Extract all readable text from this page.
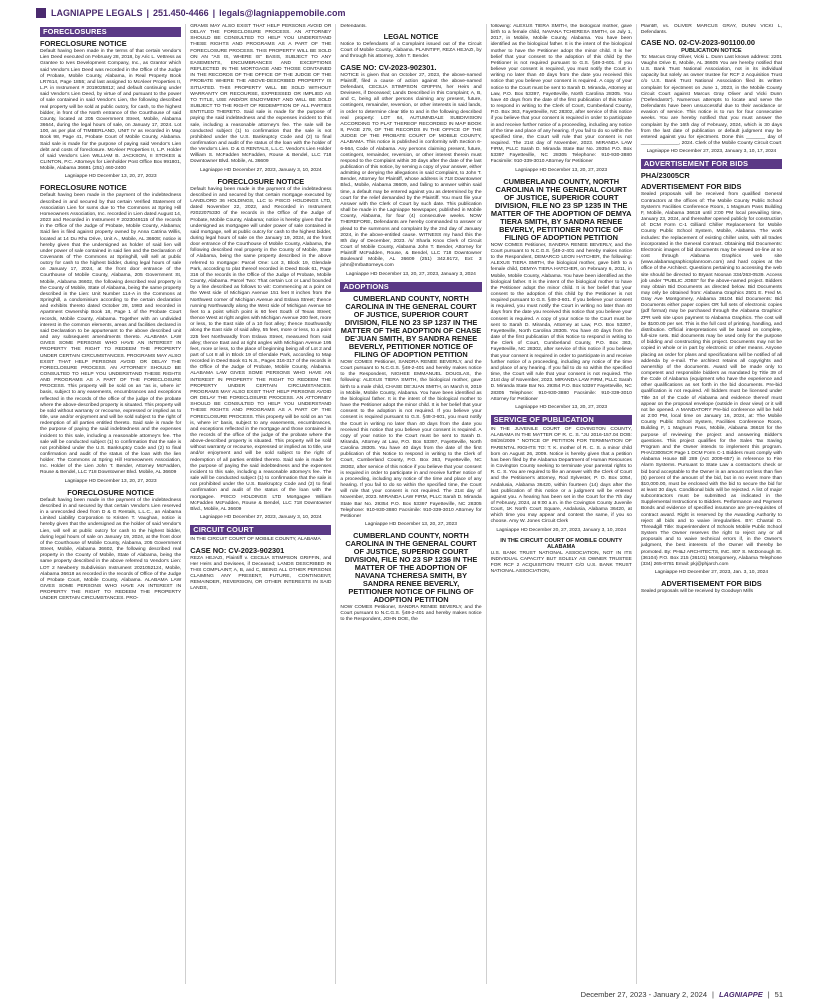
LAGNIAPPE LEGALS | 251.450-4466 | legals@lagniappemobile.com
FORECLOSURES
FORECLOSURE NOTICE

Default having been made in the terms of that certain Vendor's Lien Deed executed on February 28, 2018, by Aric L. Vettress as Grantee to Ives Development Company, Inc., as Grantor which said Vendor's Lien Deed was recorded in the Office of the Judge of Probate, Mobile County, Alabama, in Real Property Book LR7614, Page 1855; and last assigned to McAleer Properties II, L.P. in Instrument # 2019025812; and default continuing under said Vendor's Lien Deed, by virtue of and pursuant to the power of sale contained in said Vendor's Lien, the following described real property will be sold at public outcry, for cash, to the highest bidder, in front of the North entrance of the Courthouse of said County, located at 205 Government Street, Mobile, Alabama 36644, during the legal hours of sale, on January 17, 2024. Lot 100, as per plat of TIMBERLAND, UNIT IV as recorded in Map Book 98, Page 41, Probate Court of Mobile County, Alabama. Said sale is made for the purpose of paying said Vendor's Lien debt and costs of foreclosure. McAleer Properties II, L.P. Holder of said Vendor's Lien WILLIAM B. JACKSON, II STOKES & CLINTON, P.C. Attorneys for Lienholder Post Office Box 991801, Mobile, Alabama 36691 (251) 460-2400

Lagniappe HD December 13, 20, 27, 2023
FORECLOSURE NOTICE

Default having been made in the payment of the indebtedness described in and secured by that certain Verified Statement of Association Lien for sums due to The Commons at Spring Hill Homeowners Association, Inc. recorded in Lien dated August 14, 2023 and Recorded in Instrument # 2023049115 of the records in the Office of the Judge of Probate, Mobile County, Alabama; Said lien is filed against property owned by Anna Catrina Willis, located at 14 Du Rhu Drive, Unit A., Mobile, AL 36608; notice is hereby given that the undersigned as holder of said lien will under power of sale contained in said lien and the Declaration of Covenants of The Commons at Springhill, will sell at public outcry for cash to the highest bidder, during legal hours of sale on January 17, 2024, at the front door entrance of the Courthouse of Mobile County, Alabama, 205 Government St, Mobile, Alabama 36602, the following described real property in the County of Mobile, State of Alabama, being the same property described in the Lien: Unit Number 114-A in the Commons at Springhill, a condominium according to the certain declaration and exhibits thereto dated October 28, 1983 and recorded in Apartment Ownership Book 18, Page 1 of the Probate Court records, Mobile County, Alabama. Together with an undivided interest in the common elements, areas and facilities declared in said Declaration to be appurtenant to the above described unit and any subsequent amendments thereto. ALABAMA LAW GIVES SOME PERSONS WHO HAVE AN INTEREST IN PROPERTY THE RIGHT TO REDEEM THE PROPERTY UNDER CERTAIN CIRCUMSTANCES. PROGRAMS MAY ALSO EXIST THAT HELP PERSONS AVOID OR DELAY THE FORECLOSURE PROCESS. AN ATTORNEY SHOULD BE CONSULTED TO HELP YOU UNDERSTAND THESE RIGHTS AND PROGRAMS AS A PART OF THE FORECLOSURE PROCESS. This property will be sold on an "as is, where is" basis, subject to any easements, encumbrances and exceptions reflected in the records of the office of the judge of the probate where the above-described property is situated. This property will be sold without warranty or recourse, expressed or implied as to title, use and/or enjoyment and will be sold subject to the right of redemption of all parties entitled thereto. Said sale is made for the purpose of paying the said indebtedness and the expenses incident to this sale, including a reasonable attorney's fee. The sale will be conducted subject (1) to confirmation that the sale is not prohibited under the U.S. Bankruptcy Code and (2) to final confirmation and audit of the status of the loan with the lien holder. The Commons at Spring Hill Homeowners Association, Inc. Holder of the Lien John T. Bender, Attorney McFadden, Rouse & Bendel, LLC 718 Downtowner Blvd. Mobile, AL 36609

Lagniappe HD December 13, 20, 27, 2023
FORECLOSURE NOTICE

Default having been made in the payment of the indebtedness described in and secured by that certain Vendor's Lien reserved in a unrecorded deed from D & G Rentals, L.L.C., an Alabama Limited Liability Corporation to Kristen T. Vaughan, notice is hereby given that the undersigned as the holder of said Vendor's Lien, will sell at public outcry for cash to the highest bidder, during legal hours of sale on January 19, 2024, at the front door of the Courthouse of Mobile County, Alabama, 205 Government Street, Mobile, Alabama 36602, the following described real property in the County of Mobile, State of Alabama, being the same property described in the above referred to Vendor's Lien: LOT 2 Newberry Subdivision Instrument 2021052124, Mobile, Alabama 36618 as recorded in the records of Office of the Judge of Probate Court, Mobile County, Alabama. ALABAMA LAW GIVES SOME PERSONS WHO HAVE AN INTEREST IN PROPERTY THE RIGHT TO REDEEM THE PROPERTY UNDER CERTAIN CIRCUMSTANCES. PRO-

GRAMS MAY ALSO EXIST THAT HELP PERSONS AVOID OR DELAY THE FORECLOSURE PROCESS. AN ATTORNEY SHOULD BE CONSULTED TO HELP YOU UNDERSTAND THESE RIGHTS AND PROGRAMS AS A PART OF THE FORECLOSURE PROCESS. THIS PROPERTY WILL BE SOLD ON AN "AS IS, WHERE IS" BASIS, SUBJECT TO ANY EASEMENTS, ENCUMBRANCES AND EXCEPTIONS REFLECTED IN THE MORTGAGE AND THOSE CONTAINED IN THE RECORDS OF THE OFFICE OF THE JUDGE OF THE PROBATE WHERE THE ABOVE-DESCRIBED PROPERTY IS SITUATED. THIS PROPERTY WILL BE SOLD WITHOUT WARRANTY OR RECOURSE, EXPRESSED OR IMPLIED AS TO TITLE, USE AND/OR ENJOYMENT AND WILL BE SOLD SUBJECT TO THE RIGHT OF REDEMPTION OF ALL PARTIES ENTITLED THERETO. Said sale is made for the purpose of paying the said indebtedness and the expenses incident to this sale, including a reasonable attorney's fee. The sale will be conducted subject (1) to confirmation that the sale is not prohibited under the U.S. Bankruptcy Code and (2) to final confirmation and audit of the status of the loan with the holder of the Vendor's Lien. D & G RENTALS, L.L.C. Vendor's Lien Holder William S. McFadden McFadden, Rouse & Bendel, LLC 718 Downtowner Blvd. Mobile, AL 36609

Lagniappe HD December 27, 2023, January 3, 10, 2024
FORECLOSURE NOTICE

Default having been made in the payment of the indebtedness described in and secured by that certain mortgage executed by LANDLORD 36 HOLDINGS, LLC to PISCO HOLDINGS LTD, dated November 22, 2022, and Recorded in Instrument #2022075330 of the records in the Office of the Judge of Probate, Mobile County, Alabama; notice is hereby given that the undersigned as mortgagee will under power of sale contained in said mortgage, sell at public outcry for cash to the highest bidder, during legal hours of sale on the January 19, 2024, at the front door entrance of the Courthouse of Mobile County, Alabama, the following described real property in the County of Mobile, State of Alabama, being the same property described in the above referred to mortgage: Parcel One: Lot 3, Block 19, Glendale Park, according to plat thereof recorded in Deed Book 61, Page 316 of the records in the Office of the Judge of Probate, Mobile County, Alabama. Parcel Two: That certain Lot or Land bounded by a line described as follows to wit: Commencing at a point on the West side of Michigan Avenue 151 feet 8 inches from the Northwest corner of Michigan Avenue and Eslava Street; thence running Northwardly along the West side of Michigan Avenue 50 feet to a point which point is 60 feet South of Texas Street; thence West at right angles with Michigan Avenue 200 feet, more or less, to the East side of a 10 foot alley; thence Southwardly along the East side of said alley, 55 feet, more or less, to a point 225 feet Northwardly from Eslava Street, measured from said alley; thence East and at right angles with Michigan Avenue 195 feet, more or less, to the place of beginning being all of Lot 2 and part of Lot 8 all in Block 19 of Glendale Park, according to Map recorded in Deed Book 61 N.S., Pages 316-317 of the records in the Office of the Judge of Probate, Mobile County, Alabama. ALABAMA LAW GIVES SOME PERSONS WHO HAVE AN INTEREST IN PROPERTY THE RIGHT TO REDEEM THE PROPERTY UNDER CERTAIN CIRCUMSTANCES. PROGRAMS MAY ALSO EXIST THAT HELP PERSONS AVOID OR DELAY THE FORECLOSURE PROCESS. AN ATTORNEY SHOULD BE CONSULTED TO HELP YOU UNDERSTAND THESE RIGHTS AND PROGRAMS AS A PART OF THE FORECLOSURE PROCESS. This property will be sold on an "as is, where is" basis, subject to any easements, encumbrances, and exceptions reflected in the mortgage and those contained in the records of the office of the judge of the probate where the above-described property is situated. This property will be sold without warranty or recourse, expressed or implied as to title, use and/or enjoyment and will be sold subject to the right of redemption of all parties entitled thereto. Said sale is made for the purpose of paying the said indebtedness and the expenses incident to this sale, including a reasonable attorney's fee. The sale will be conducted subject (1) to confirmation that the sale is not prohibited under the U.S. Bankruptcy Code and (2) to final confirmation and audit of the status of the loan with the mortgagee. PISCO HOLDINGS LTD Mortgagee William McFadden McFadden, Rouse & Bendel, LLC 718 Downtowner Blvd., Mobile, AL 36609

Lagniappe HD December 27, 2023, January 3, 10, 2024
CIRCUIT COURT

IN THE CIRCUIT COURT OF MOBILE COUNTY, ALABAMA

CASE NO: CV-2023-902301

REZA HEJAZI, Plaintiff v. CECILIA STIMPSON GRIFFIN, and Her Heirs and Devisees, if Deceased; LANDS DESCRIBED IN THIS COMPLAINT; A, B, and C, BEING ALL OTHER PERSONS CLAIMING ANY PRESENT, FUTURE, CONTINGENT, REMAINDER, REVERSION, OR OTHER INTERESTS IN SAID LANDS,

Defendants.

LEGAL NOTICE

Notice to Defendants of a Complaint issued out of the Circuit Court of Mobile County, Alabama. PLAINTIFF, REZA HEJAZI, by and through his attorney, John T. Bender.

CASE NO: CV-2023-902301.

NOTICE is given that on October 27, 2023, the above-named Plaintiff, filed a cause of action against the above-named Defendant, CECILIA STIMPSON GRIFFIN, her Heirs and Devisees, if Deceased; Lands Described in this Complaint; A, B, and C, being all other persons claiming any present, future, contingent, remainder, reversion, or other interests in said lands, in order to determine clear title to and in the following described real property: LOT 64, AUTUMNDALE SUBDIVISION ACCORDING TO PLAT THEREOF RECORDED IN MAP BOOK 8, PAGE 279, OF THE RECORDS IN THE OFFICE OF THE JUDGE OF THE PROBATE COURT OF MOBILE COUNTY, ALABAMA. This notice is published in conformity with Section 6-6-564, Code of Alabama. Any persons claiming present, future, contingent, remainder, reversion, or other interest therein must respond to the Complaint within 30 days after the date of the last publication of this notice, by serving a copy of your answer, either admitting or denying the allegations in said Complaint, to John T. Bender, Attorney for Plaintiff, whose address is 718 Downtowner Blvd., Mobile, Alabama 36609, and failing to answer within said time, a default may be entered against you as determined by the court for the relief demanded by the Plaintiff. You must file your Answer with the Clerk of Court by such date. This publication shall be made in the Lagniappe Newspaper, published in Mobile County, Alabama, for four (4) consecutive weeks. NOW THEREFORE, Defendants are hereby commanded to answer or plead to the summons and complaint by the 2nd day of January 2024, in the above-entitled cause. WITNESS my hand this the 8th day of December, 2023. /s/ Sharla Knox Clerk of Circuit Court of Mobile County, Alabama John T. Bender, Attorney for Plaintiff McFadden, Rouse, & Bendel, LLC 718 Downtowner Boulevard Mobile, AL 36609 (251) 342.9172, Ext: 3 john@mrbattorneys.com

Lagniappe HD December 13, 20, 27, 2023, January 3, 2024
ADOPTIONS
CUMBERLAND COUNTY, NORTH CAROLINA IN THE GENERAL COURT OF JUSTICE, SUPERIOR COURT DIVISION, FILE NO 23 SP 1237 IN THE MATTER OF THE ADOPTION OF CHASE DE'JUAN SMITH, BY SANDRA RENEE BEVERLY, PETITIONER NOTICE OF FILING OF ADOPTION PETITION

NOW COMES Petitioner, SANDRA RENEE BEVERLY, and the Court pursuant to N.C.G.S. §48-2-401 and hereby makes notice to the Respondent, NIGHEE EMMANUEL DOUGLAS, the following: ALEXUS TIERA SMITH, the biological mother, gave birth to a male child, CHASE DE'JUAN SMITH, on March 8, 2019 in Mobile, Mobile County, Alabama. You have been identified as the biological father. It is the intent of the biological mother to have the Petitioner adopt the minor child. It is her belief that your consent to the adoption is not required. If you believe your consent is required pursuant to G.S. §48-3-601, you must notify the Court in writing no later than 40 days from the date you received this notice that you believe your consent is required. A copy of your notice to the Court must be sent to Sarah D. Miranda, Attorney at Law, P.O. Box 53397, Fayetteville, North Carolina 28305. You have 40 days from the date of the first publication of this Notice to respond in writing to the Clerk of Court, Cumberland County, P.O. Box 363, Fayetteville, NC 28302, after service of this notice if you believe that your consent is required in order to participate in and receive further notice of a proceeding, including any notice of the time and place of any hearing. If you fail to do so within the specified time, the Court will rule that your consent is not required. The 21st day of November, 2023. MIRANDA LAW FIRM, PLLC Sarah D. Miranda State Bar No. 29354 P.O. Box 53397 Fayetteville, NC 28305 Telephone: 910-930-3880 Facsimile: 910-339-3010 Attorney for Petitioner

Lagniappe HD December 13, 20, 27, 2023
CUMBERLAND COUNTY, NORTH CAROLINA IN THE GENERAL COURT OF JUSTICE, SUPERIOR COURT DIVISION, FILE NO 23 SP 1236 IN THE MATTER OF THE ADOPTION OF NAVANA TCHERESA SMITH, BY SANDRA RENEE BEVERLY, PETITIONER NOTICE OF FILING OF ADOPTION PETITION

NOW COMES Petitioner, SANDRA RENEE BEVERLY, and the Court pursuant to N.C.G.S. §48-2-401 and hereby makes notice to the Respondent, JOHN DOE, the

following: ALEXUS TIERA SMITH, the biological mother, gave birth to a female child, NAVANA TCHERESA SMITH, on July 1, 2017, in Mobile, Mobile County, Alabama. You have been identified as the biological father. It is the intent of the biological mother to have the Petitioner adopt the minor child. It is her belief that your consent to the adoption of this child by the Petitioner is not required pursuant to G.S. §48-3-601. If you believe your consent is required, you must notify the Court in writing no later than 40 days from the date you received this notice that you believe your consent is required. A copy of your notice to the Court must be sent to Sarah D. Miranda, Attorney at Law, P.O. Box 53397, Fayetteville, North Carolina 28305. You have 40 days from the date of the first publication of this Notice to respond in writing to the Clerk of Court, Cumberland County, P.O. Box 363, Fayetteville, NC 28302, after service of this notice if you believe that your consent is required in order to participate in and receive further notice of a proceeding, including any notice of the time and place of any hearing. If you fail to do so within the specified time, the Court will rule that your consent is not required. The 21st day of November, 2023. MIRANDA LAW FIRM, PLLC Sarah D. Miranda State Bar No. 29354 P.O. Box 53397 Fayetteville, NC 28305 Telephone: 910-930-3880 Facsimile: 910-339-3010 Attorney for Petitioner

Lagniappe HD December 13, 20, 27, 2023
CUMBERLAND COUNTY, NORTH CAROLINA IN THE GENERAL COURT OF JUSTICE, SUPERIOR COURT DIVISION, FILE NO 23 SP 1235 IN THE MATTER OF THE ADOPTION OF DEMYA TIERA SMITH, BY SANDRA RENEE BEVERLY, PETITIONER NOTICE OF FILING OF ADOPTION PETITION

NOW COMES Petitioner, SANDRA RENEE BEVERLY, and the Court pursuant to N.C.G.S. §48-2-401 and hereby makes notice to the Respondent, DEMARCO LEON HATCHER, the following: ALEXUS TIERA SMITH, the biological mother, gave birth to a female child, DEMYA TIERA HATCHER, on February 6, 2011, in Mobile, Mobile County, Alabama. You have been identified as the biological father. It is the intent of the biological mother to have the Petitioner adopt the minor child. It is her belief that your consent to the adoption of this child by the Petitioner is not required pursuant to G.S. §48-3-601. If you believe your consent is required, you must notify the Court in writing no later than 40 days from the date you received this notice that you believe your consent is required. A copy of your notice to the Court must be sent to Sarah D. Miranda, Attorney at Law, P.O. Box 53397, Fayetteville, North Carolina 28305. You have 40 days from the date of the first publication of this Notice to respond in writing to the Clerk of Court, Cumberland County, P.O. Box 363, Fayetteville, NC 28302, after service of this notice if you believe that your consent is required in order to participate in and receive further notice of a proceeding, including any notice of the time and place of any hearing. If you fail to do so within the specified time, the Court will rule that your consent is not required. The 21st day of November, 2023. MIRANDA LAW FIRM, PLLC Sarah D. Miranda State Bar No. 29354 P.O. Box 53397 Fayetteville, NC 28305 Telephone: 910-930-3880 Facsimile: 910-339-3010 Attorney for Petitioner

Lagniappe HD December 13, 20, 27, 2023
SERVICE OF PUBLICATION

IN THE JUVENILE COURT OF COVINGTON COUNTY, ALABAMA IN THE MATTER OF R. C. S. "JU 2016-157.04 DOB: 08/26/2009 " NOTICE OF PETITION FOR TERMINATION OF PARENTAL RIGHTS TO: T. K. mother of R. C. S. a minor child born on August 26, 2009. Notice is hereby given that a petition has been filed by the Alabama Department of Human Resources in Covington County seeking to terminate your parental rights to R. C. S. You are required to file an answer with the Clerk of Court and the Petitioner's attorney, Rod Sylvester, P. O. Box 1054, Andalusia, Alabama 36420, within fourteen (14) days after the last publication of this notice or a judgment will be entered against you. A hearing has been set in the Court for the 7th day of February, 2024, at 9:00 a.m. in the Covington County Juvenile Court, 1K North Court Square, Andalusia, Alabama 36420, at which time you may appear and contest the same, if you so choose. Amy W. Jones Circuit Clerk

Lagniappe HD December 20, 27, 2023, January 3, 10, 2024
IN THE CIRCUIT COURT OF MOBILE COUNTY ALABAMA

U.S. BANK TRUST NATIONAL ASSOCIATION, NOT IN ITS INDIVIDUAL CAPACITY BUT SOLELY AS OWNER TRUSTEE FOR RCF 2 ACQUISITION TRUST C/O U.S. BANK TRUST NATIONAL ASSOCIATION,

Plaintiff, vs. OLIVER MARCUS GRAY, DUNN VICKI L, Defendants.

CASE NO. 02-CV-2023-901100.00
PUBLICATION NOTICE

To: Marcus Gray Oliver, Vicki L. Dunn Last known address: 2201 Vaughn Drive E, Mobile, AL 36605 You are hereby notified that U.S. Bank Trust National Association, not in its individual capacity but solely as owner trustee for RCF 2 Acquisition Trust c/o U.S. Bank Trust National Association filed its written complaint for ejectment on June 1, 2023, in the Mobile County Circuit Court against Marcus Gray Oliver and Vicki Dunn ("Defendants"). Numerous attempts to locate and serve the Defendants have been unsuccessful due to their avoidance or evasion of service. This notice is to run for four consecutive weeks. You are hereby notified that you must answer the complaint by the 16th day of February, 2024, which is 30 days from the last date of publication or default judgment may be entered against you for ejectment. Done this _______ day of ______________, 2024. Clerk of the Mobile County Circuit Court

Lagniappe HD December 27, 2023, January 3, 10, 17, 2024
ADVERTISEMENT FOR BIDS
PHA/23005CR
ADVERTISEMENT FOR BIDS

Sealed proposals will be received from qualified General Contractors at the offices of: The Mobile County Public School System's Facilities Conference Room, 1 Magnum Pass Building F, Mobile, Alabama 36618 until 2:00 PM local prevailing time, January 23, 2024, and thereafter opened publicly for construction of: DCM Form C-1 Gilliard Chiller Replacement for Mobile County Public School System, Mobile, Alabama. The work includes: the replacement of existing chiller units, with all trades incorporated in the General Contract. Obtaining Bid Documents: Electronic images of bid documents may be viewed on-line at no cost through Alabama Graphics web site (www.alabamagraphicsplanroom.com) and hard copies at the office of the Architect. Questions pertaining to accessing the web site should be directed to Bryant Noonan 334/263-0539. Access job under "PUBLIC JOBS" for the above-named project. Bidders may obtain Bid Documents as directed below. Bid Documents may only be obtained from: Alabama Graphics 2501 E. Fred M. Gray Ave Montgomery, Alabama 36104 Bid Documents: Bid Documents either paper copies OR full sets of electronic copies (pdf format) may be purchased through the Alabama Graphics' ZPR web site upon payment to Alabama Graphics. The cost will be $100.00 per set. This is the full cost of printing, handling, and distribution. Official interpretations will be based on complete, full-size sets. Bid documents may be used only for the purpose of bidding and constructing this project. Documents may not be copied in whole or in part by electronic or other means. Anyone placing an order for plans and specifications will be notified of all addenda by e-mail. The architect retains all copyrights and ownership of the documents. Award will be made only to competent and responsible bidders as mandated by Title 39 of the Code of Alabama (equipment who have the experience and other qualifications as set forth in the bid documents. Pre-bid qualification is not required. All bidders must be licensed under Title 34 of the Code of Alabama and evidence thereof must appear on the proposal envelope (outside in clear view) or it will not be opened. A MANDATORY Pre-bid conference will be held at 2:00 PM, local time on January 16, 2024, at: The Mobile County Public School System, Facilities Conference Room, Building F, 1 Magnum Pass, Mobile, Alabama 36618 for the purpose of reviewing the project and answering Bidder's questions. This project qualifies for the Sales Tax Saving Program and the Owner intends to implement this program. PHA/23005CR Page 1 DCM Form C-1 Bidders must comply with Alabama House Bill 289 (Act 2009-657) in reference to Fire Alarm Systems. Pursuant to State Law a contractor's check or bid bond acceptable to the Owner in an amount not less than five (5) percent of the amount of the bid, but in no event more than $10,000.00, must be enclosed with the bid to secure the bid for at least 30 days. Conditional bids will be rejected. A list of major subcontractors must be submitted as indicated in the Supplemental Instructions to Bidders. Performance and Payment Bonds and evidence of specified insurance are pre-requisites of contract award. Right is reserved by the Awarding Authority to reject all bids and to waive irregularities. BY: Chantal D. Threadgill Title: Superintendent of Schools Mobile Public School System The Owner reserves the right to reject any or all proposals and to waive technical errors if, in the Owner's judgment, the best interests of the Owner will thereby be promoted. By: PH&J ARCHITECTS, INC. 807 S. McDonough St.(36104) P.O. Box 215 (36101) Montgomery, Alabama Telephone (334) 265-8781 Email: pkj@phjarch.com

Lagniappe HD December 27, 2023, Jan. 3, 10, 2024
ADVERTISEMENT FOR BIDS

Sealed proposals will be received by Goodwyn Mills

December 27, 2023 - January 2, 2024 | LAGNIAPPE | 51
